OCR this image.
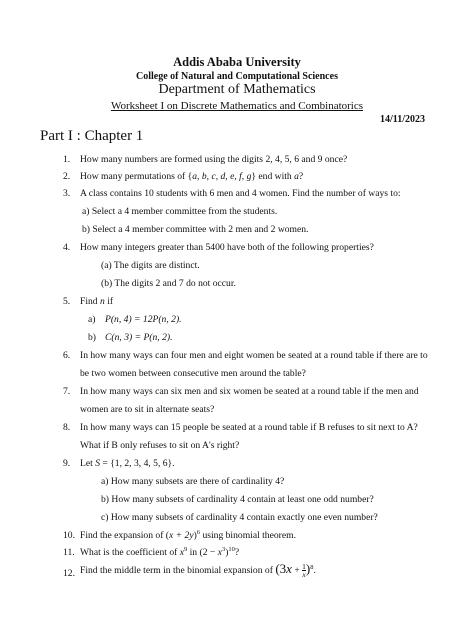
Addis Ababa University
College of Natural and Computational Sciences
Department of Mathematics
Worksheet I on Discrete Mathematics and Combinatorics
14/11/2023
Part I : Chapter 1
1. How many numbers are formed using the digits 2, 4, 5, 6 and 9 once?
2. How many permutations of {a, b, c, d, e, f, g} end with a?
3. A class contains 10 students with 6 men and 4 women. Find the number of ways to:
a) Select a 4 member committee from the students.
b) Select a 4 member committee with 2 men and 2 women.
4. How many integers greater than 5400 have both of the following properties?
(a) The digits are distinct.
(b) The digits 2 and 7 do not occur.
5. Find n if
a) P(n, 4) = 12P(n, 2).
b) C(n, 3) = P(n, 2).
6. In how many ways can four men and eight women be seated at a round table if there are to
be two women between consecutive men around the table?
7. In how many ways can six men and six women be seated at a round table if the men and
women are to sit in alternate seats?
8. In how many ways can 15 people be seated at a round table if B refuses to sit next to A?
What if B only refuses to sit on A's right?
9. Let S = {1, 2, 3, 4, 5, 6}.
a) How many subsets are there of cardinality 4?
b) How many subsets of cardinality 4 contain at least one odd number?
c) How many subsets of cardinality 4 contain exactly one even number?
10. Find the expansion of $(x + 2y)^6$ using binomial theorem.
11. What is the coefficient of $x^9$ in $(2 - x^3)^{10}$?
12. Find the middle term in the binomial expansion of $(3x + \frac{1}{x} )^8$.
